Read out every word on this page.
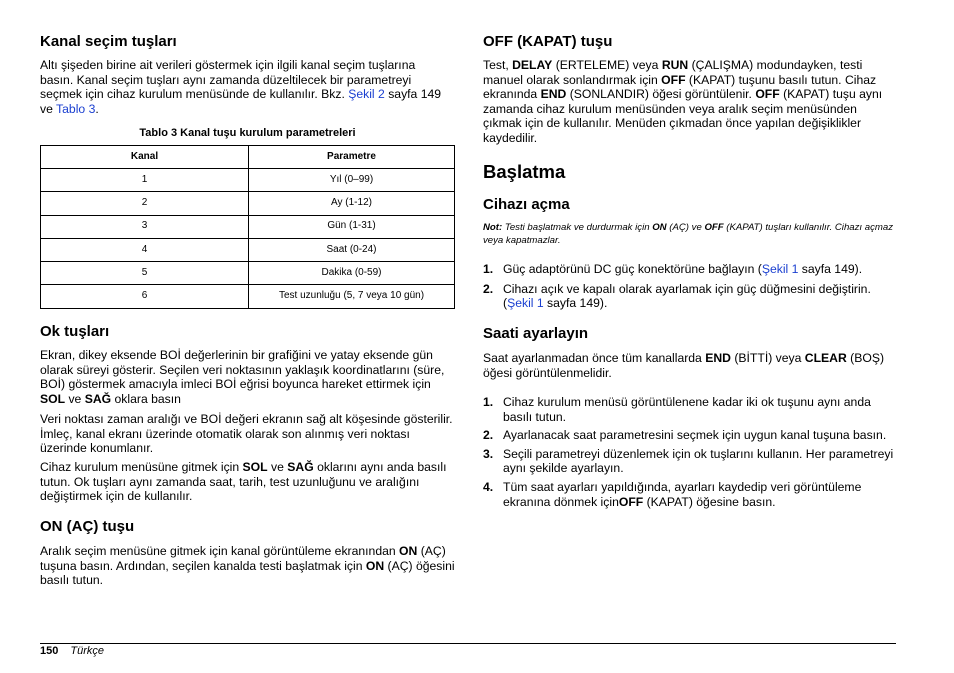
Kanal seçim tuşları

Altı şişeden birine ait verileri göstermek için ilgili kanal seçim tuşlarına basın. Kanal seçim tuşları aynı zamanda düzeltilecek bir parametreyi seçmek için cihaz kurulum menüsünde de kullanılır. Bkz. Şekil 2 sayfa 149 ve Tablo 3.

Tablo 3 Kanal tuşu kurulum parametreleri
Kanal	Parametre
1	Yıl (0–99)
2	Ay (1-12)
3	Gün (1-31)
4	Saat (0-24)
5	Dakika (0-59)
6	Test uzunluğu (5, 7 veya 10 gün)
Ok tuşları

Ekran, dikey eksende BOİ değerlerinin bir grafiğini ve yatay eksende gün olarak süreyi gösterir. Seçilen veri noktasının yaklaşık koordinatlarını (süre, BOİ) göstermek amacıyla imleci BOİ eğrisi boyunca hareket ettirmek için SOL ve SAĞ oklara basın

Veri noktası zaman aralığı ve BOİ değeri ekranın sağ alt köşesinde gösterilir. İmleç, kanal ekranı üzerinde otomatik olarak son alınmış veri noktası üzerinde konumlanır.

Cihaz kurulum menüsüne gitmek için SOL ve SAĞ oklarını aynı anda basılı tutun. Ok tuşları aynı zamanda saat, tarih, test uzunluğunu ve aralığını değiştirmek için de kullanılır.

ON (AÇ) tuşu

Aralık seçim menüsüne gitmek için kanal görüntüleme ekranından ON (AÇ) tuşuna basın. Ardından, seçilen kanalda testi başlatmak için ON (AÇ) öğesini basılı tutun.

OFF (KAPAT) tuşu

Test, DELAY (ERTELEME) veya RUN (ÇALIŞMA) modundayken, testi manuel olarak sonlandırmak için OFF (KAPAT) tuşunu basılı tutun. Cihaz ekranında END (SONLANDIR) öğesi görüntülenir. OFF (KAPAT) tuşu aynı zamanda cihaz kurulum menüsünden veya aralık seçim menüsünden çıkmak için de kullanılır. Menüden çıkmadan önce yapılan değişiklikler kaydedilir.

Başlatma
Cihazı açma

Not: Testi başlatmak ve durdurmak için ON (AÇ) ve OFF (KAPAT) tuşları kullanılır. Cihazı açmaz veya kapatmazlar.

1. Güç adaptörünü DC güç konektörüne bağlayın (Şekil 1 sayfa 149).
2. Cihazı açık ve kapalı olarak ayarlamak için güç düğmesini değiştirin. (Şekil 1 sayfa 149).
Saati ayarlayın

Saat ayarlanmadan önce tüm kanallarda END (BİTTİ) veya CLEAR (BOŞ) öğesi görüntülenmelidir.

1. Cihaz kurulum menüsü görüntülenene kadar iki ok tuşunu aynı anda basılı tutun.
2. Ayarlanacak saat parametresini seçmek için uygun kanal tuşuna basın.
3. Seçili parametreyi düzenlemek için ok tuşlarını kullanın. Her parametreyi aynı şekilde ayarlayın.
4. Tüm saat ayarları yapıldığında, ayarları kaydedip veri görüntüleme ekranına dönmek içinOFF (KAPAT) öğesine basın.
150 Türkçe
